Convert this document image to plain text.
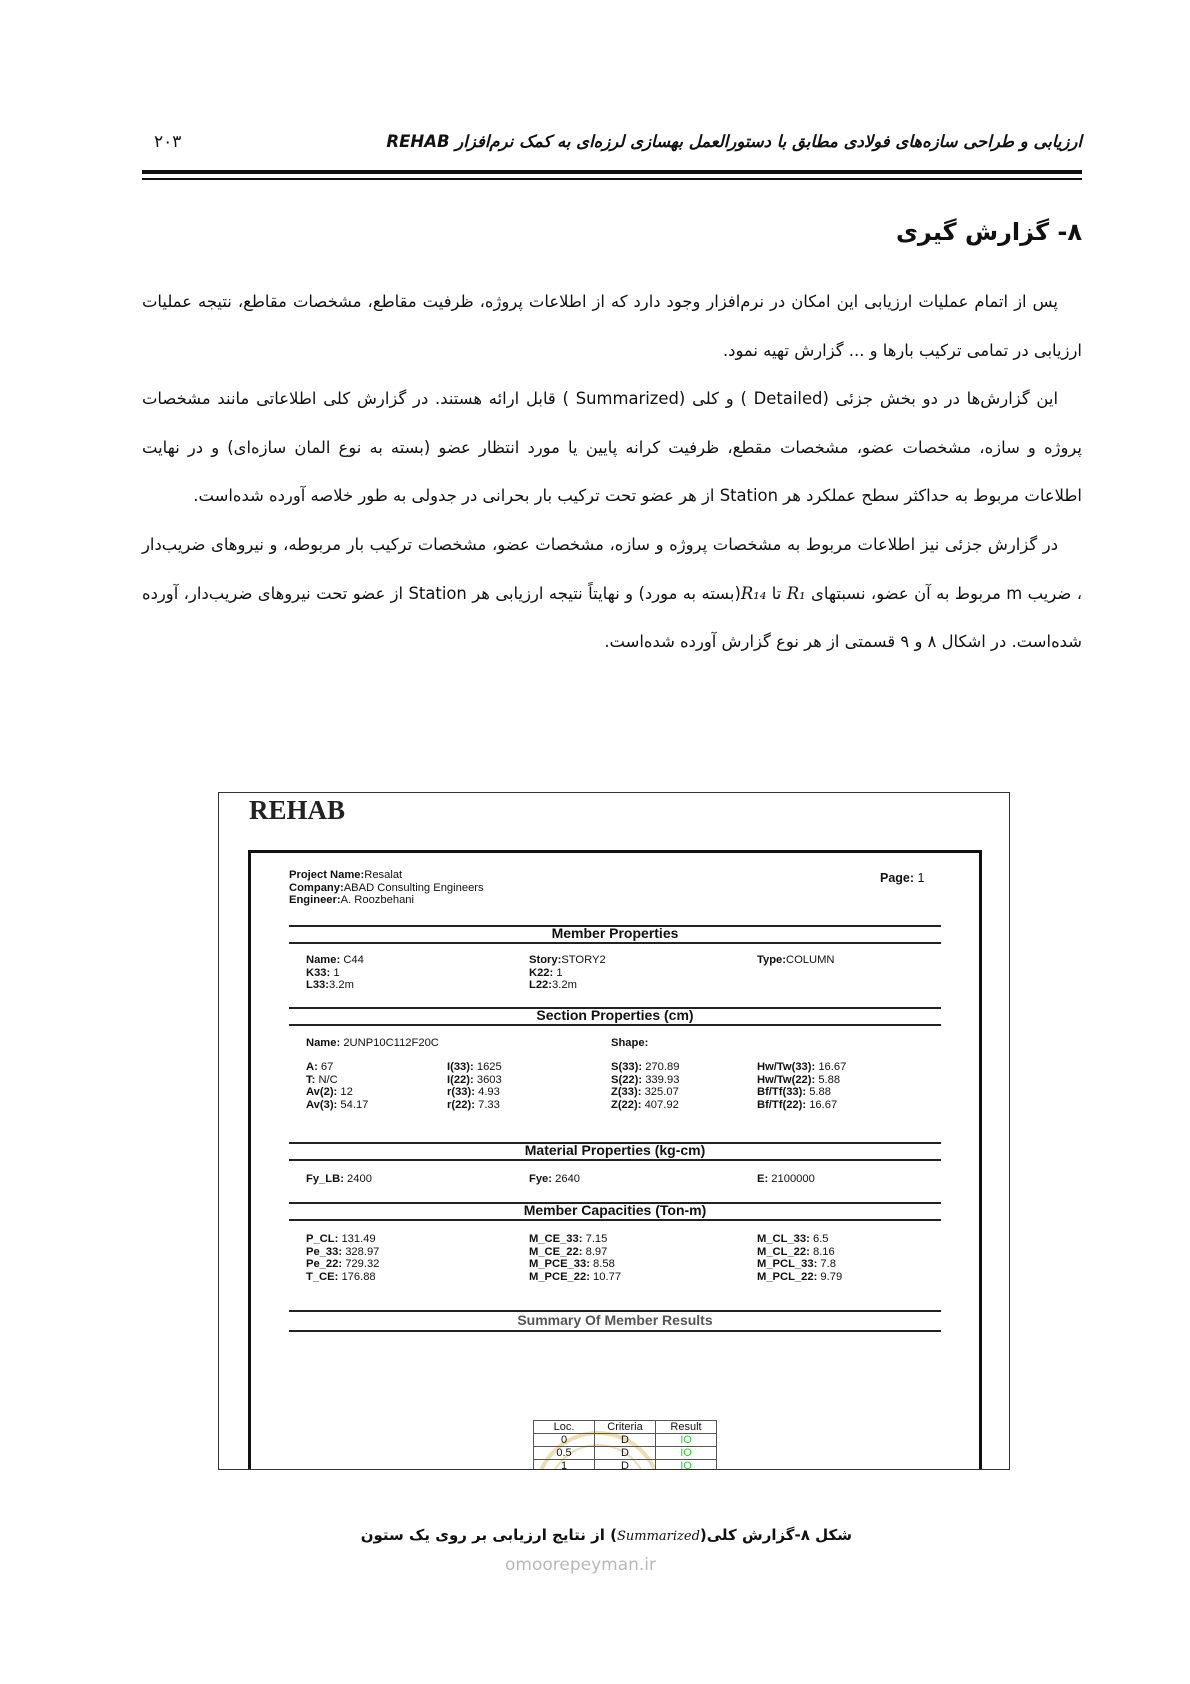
ارزیابی و طراحی سازه‌های فولادی مطابق با دستورالعمل بهسازی لرزه‌ای به کمک نرم‌افزار REHAB
۲۰۳
۸- گزارش گیری

پس از اتمام عملیات ارزیابی این امکان در نرم‌افزار وجود دارد که از اطلاعات پروژه، ظرفیت مقاطع، مشخصات مقاطع، نتیجه عملیات ارزیابی در تمامی ترکیب بارها و ... گزارش تهیه نمود.

این گزارش‌ها در دو بخش جزئی (Detailed ) و کلی (Summarized ) قابل ارائه هستند. در گزارش کلی اطلاعاتی مانند مشخصات پروژه و سازه، مشخصات عضو، مشخصات مقطع، ظرفیت کرانه پایین یا مورد انتظار عضو (بسته به نوع المان سازه‌ای) و در نهایت اطلاعات مربوط به حداکثر سطح عملکرد هر Station از هر عضو تحت ترکیب بار بحرانی در جدولی به طور خلاصه آورده شده‌است.

در گزارش جزئی نیز اطلاعات مربوط به مشخصات پروژه و سازه، مشخصات عضو، مشخصات ترکیب بار مربوطه، و نیروهای ضریب‌دار ، ضریب m مربوط به آن عضو، نسبتهای R₁ تا R₁₄(بسته به مورد) و نهایتاً نتیجه ارزیابی هر Station از عضو تحت نیروهای ضریب‌دار، آورده شده‌است. در اشکال ۸ و ۹ قسمتی از هر نوع گزارش آورده شده‌است.

REHAB
Project Name:Resalat
Company:ABAD Consulting Engineers
Engineer:A. Roozbehani
Page: 1
Member Properties
Name: C44
K33: 1
L33:3.2m
Story:STORY2
K22: 1
L22:3.2m
Type:COLUMN
Section Properties (cm)
Name: 2UNP10C112F20C	Shape:
A: 67
T: N/C
Av(2): 12
Av(3): 54.17
I(33): 1625
I(22): 3603
r(33): 4.93
r(22): 7.33
S(33): 270.89
S(22): 339.93
Z(33): 325.07
Z(22): 407.92
Hw/Tw(33): 16.67
Hw/Tw(22): 5.88
Bf/Tf(33): 5.88
Bf/Tf(22): 16.67
Material Properties (kg-cm)
Fy_LB: 2400	Fye: 2640	E: 2100000
Member Capacities (Ton-m)
P_CL: 131.49
Pe_33: 328.97
Pe_22: 729.32
T_CE: 176.88
M_CE_33: 7.15
M_CE_22: 8.97
M_PCE_33: 8.58
M_PCE_22: 10.77
M_CL_33: 6.5
M_CL_22: 8.16
M_PCL_33: 7.8
M_PCL_22: 9.79
Summary Of Member Results
Loc.	Criteria	Result
0	D	IO
0.5	D	IO
1	D	IO

شکل ۸-گزارش کلی(Summarized) از نتایج ارزیابی بر روی یک ستون
omoorepeyman.ir
